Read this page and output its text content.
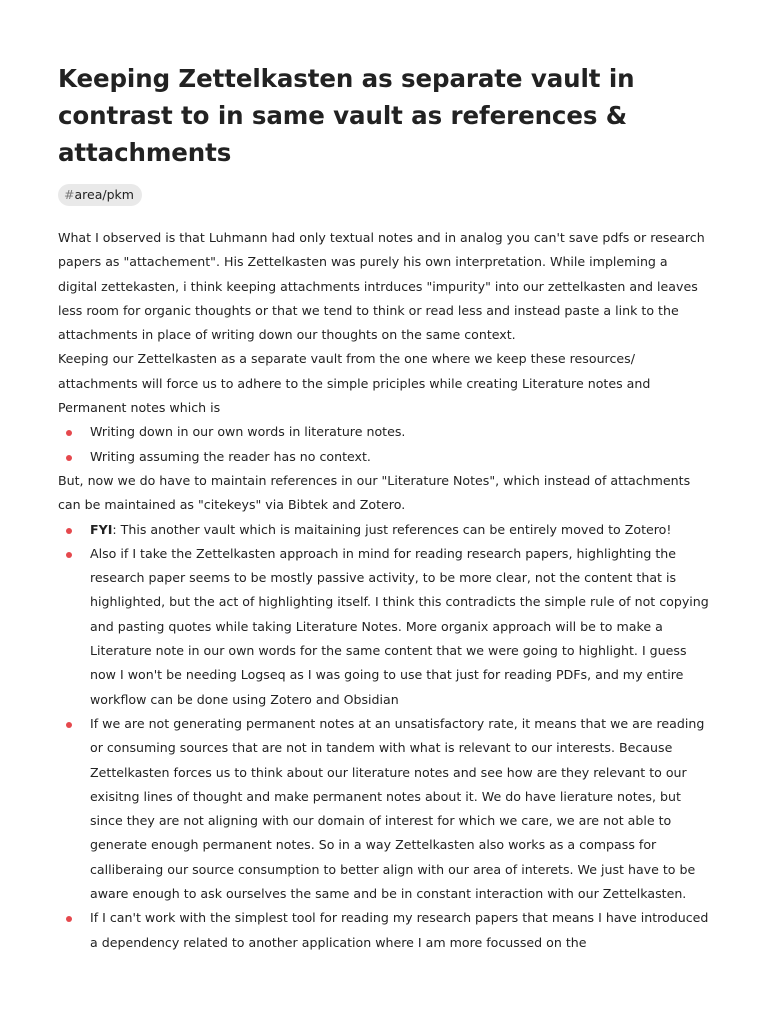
Keeping Zettelkasten as separate vault in contrast to in same vault as references & attachments
#area/pkm

What I observed is that Luhmann had only textual notes and in analog you can't save pdfs or research papers as "attachement". His Zettelkasten was purely his own interpretation. While impleming a digital zettekasten, i think keeping attachments intrduces "impurity" into our zettelkasten and leaves less room for organic thoughts or that we tend to think or read less and instead paste a link to the attachments in place of writing down our thoughts on the same context.

Keeping our Zettelkasten as a separate vault from the one where we keep these resources/ attachments will force us to adhere to the simple priciples while creating Literature notes and Permanent notes which is

Writing down in our own words in literature notes.
Writing assuming the reader has no context.

But, now we do have to maintain references in our "Literature Notes", which instead of attachments can be maintained as "citekeys" via Bibtek and Zotero.

FYI: This another vault which is maitaining just references can be entirely moved to Zotero!
Also if I take the Zettelkasten approach in mind for reading research papers, highlighting the research paper seems to be mostly passive activity, to be more clear, not the content that is highlighted, but the act of highlighting itself. I think this contradicts the simple rule of not copying and pasting quotes while taking Literature Notes. More organix approach will be to make a Literature note in our own words for the same content that we were going to highlight. I guess now I won't be needing Logseq as I was going to use that just for reading PDFs, and my entire workflow can be done using Zotero and Obsidian
If we are not generating permanent notes at an unsatisfactory rate, it means that we are reading or consuming sources that are not in tandem with what is relevant to our interests. Because Zettelkasten forces us to think about our literature notes and see how are they relevant to our exisitng lines of thought and make permanent notes about it. We do have lierature notes, but since they are not aligning with our domain of interest for which we care, we are not able to generate enough permanent notes. So in a way Zettelkasten also works as a compass for calliberaing our source consumption to better align with our area of interets. We just have to be aware enough to ask ourselves the same and be in constant interaction with our Zettelkasten.
If I can't work with the simplest tool for reading my research papers that means I have introduced a dependency related to another application where I am more focussed on the
